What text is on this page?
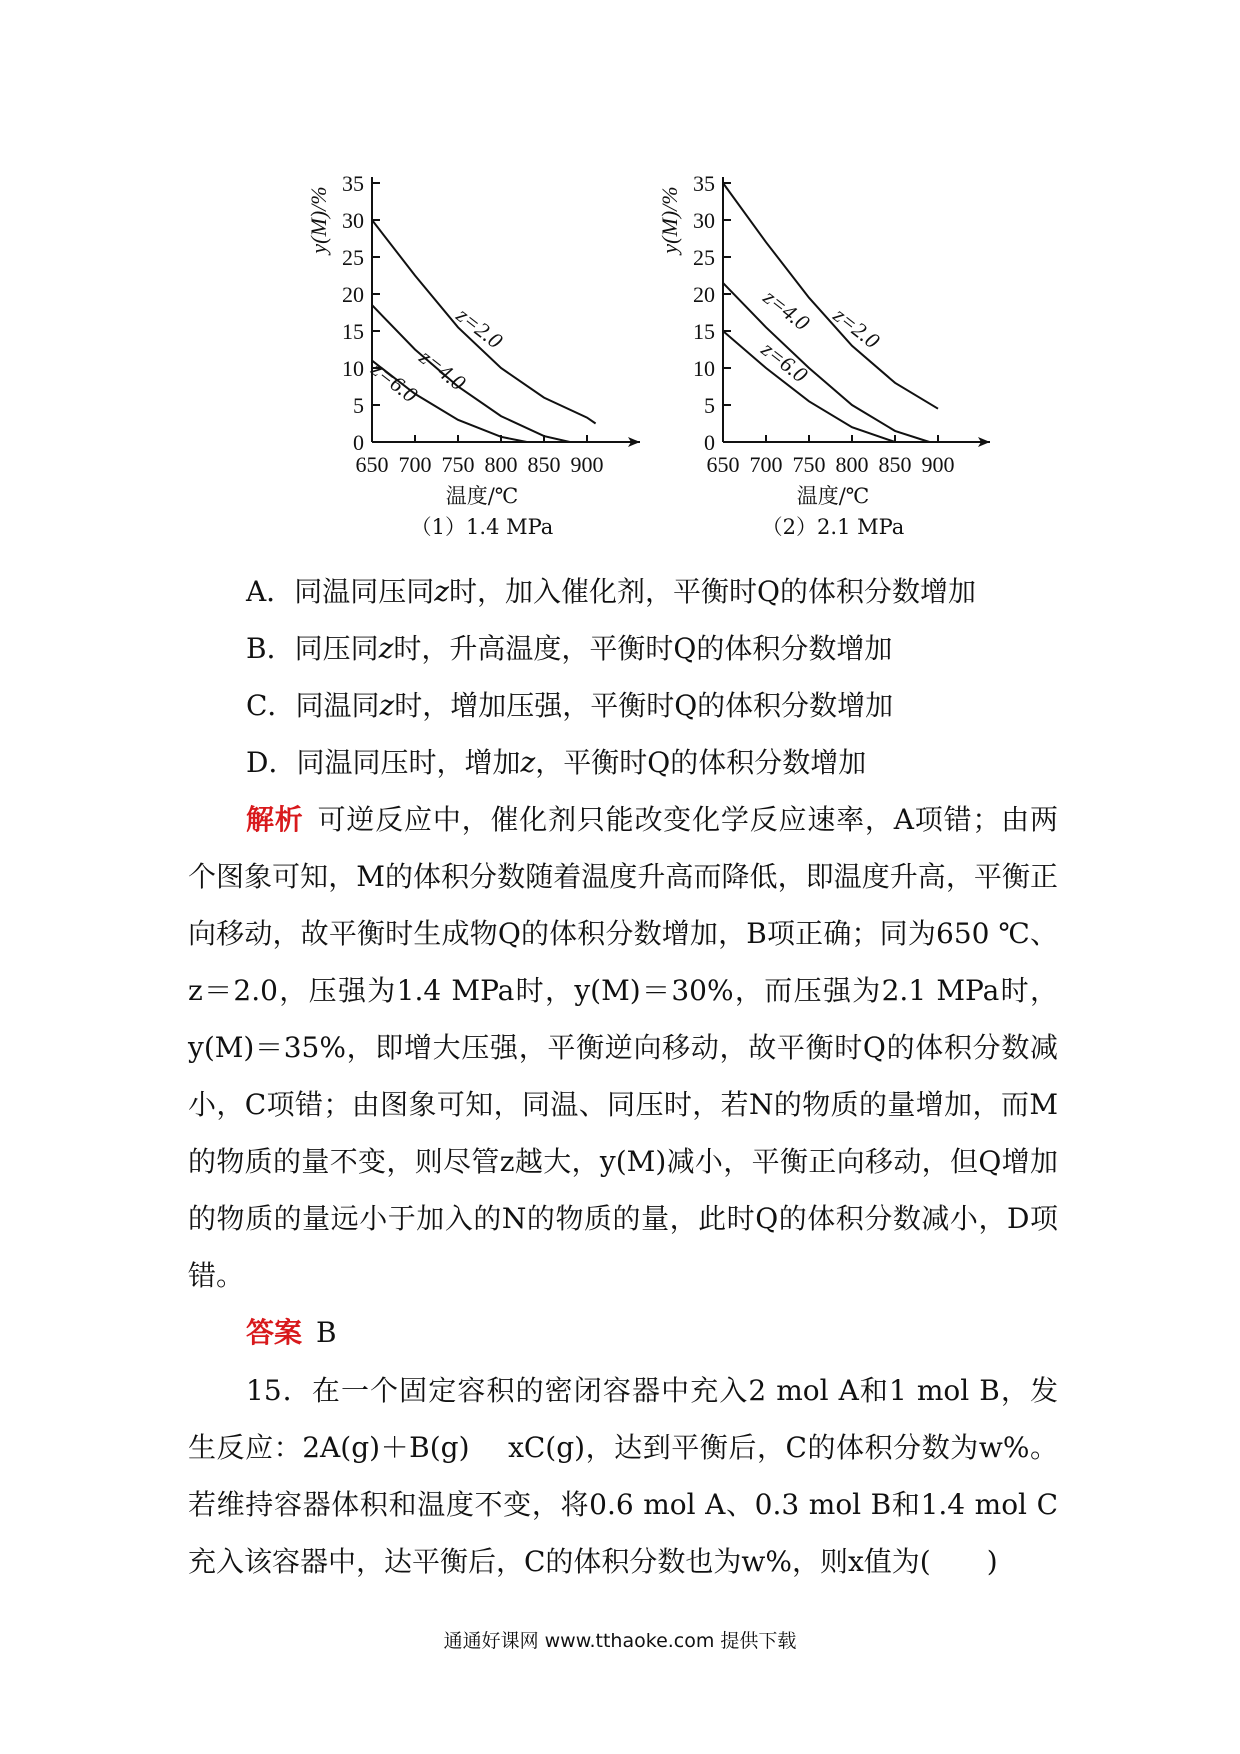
0
5
10
15
20
25
30
35
650 700 750 800 850 900
y(M)/%
温度/℃
（1）1.4 MPa
z=2.0
z=4.0
z=6.0
0
5
10
15
20
25
30
35
650 700 750 800 850 900
y(M)/%
温度/℃
（2）2.1 MPa
z=2.0
z=4.0
z=6.0
A．同温同压同z时，加入催化剂，平衡时Q的体积分数增加
B．同压同z时，升高温度，平衡时Q的体积分数增加
C．同温同z时，增加压强，平衡时Q的体积分数增加
D．同温同压时，增加z，平衡时Q的体积分数增加
解析 可逆反应中，催化剂只能改变化学反应速率，A项错；由两个图象可知，M的体积分数随着温度升高而降低，即温度升高，平衡正向移动，故平衡时生成物Q的体积分数增加，B项正确；同为650 ℃、z＝2.0，压强为1.4 MPa时，y(M)＝30%，而压强为2.1 MPa时，y(M)＝35%，即增大压强，平衡逆向移动，故平衡时Q的体积分数减小，C项错；由图象可知，同温、同压时，若N的物质的量增加，而M的物质的量不变，则尽管z越大，y(M)减小，平衡正向移动，但Q增加的物质的量远小于加入的N的物质的量，此时Q的体积分数减小，D项错。
答案 B
15．在一个固定容积的密闭容器中充入2 mol A和1 mol B，发生反应：2A(g)＋B(g)　 xC(g)，达到平衡后，C的体积分数为w%。若维持容器体积和温度不变，将0.6 mol A、0.3 mol B和1.4 mol C充入该容器中，达平衡后，C的体积分数也为w%，则x值为(　　)
通通好课网 www.tthaoke.com 提供下载
